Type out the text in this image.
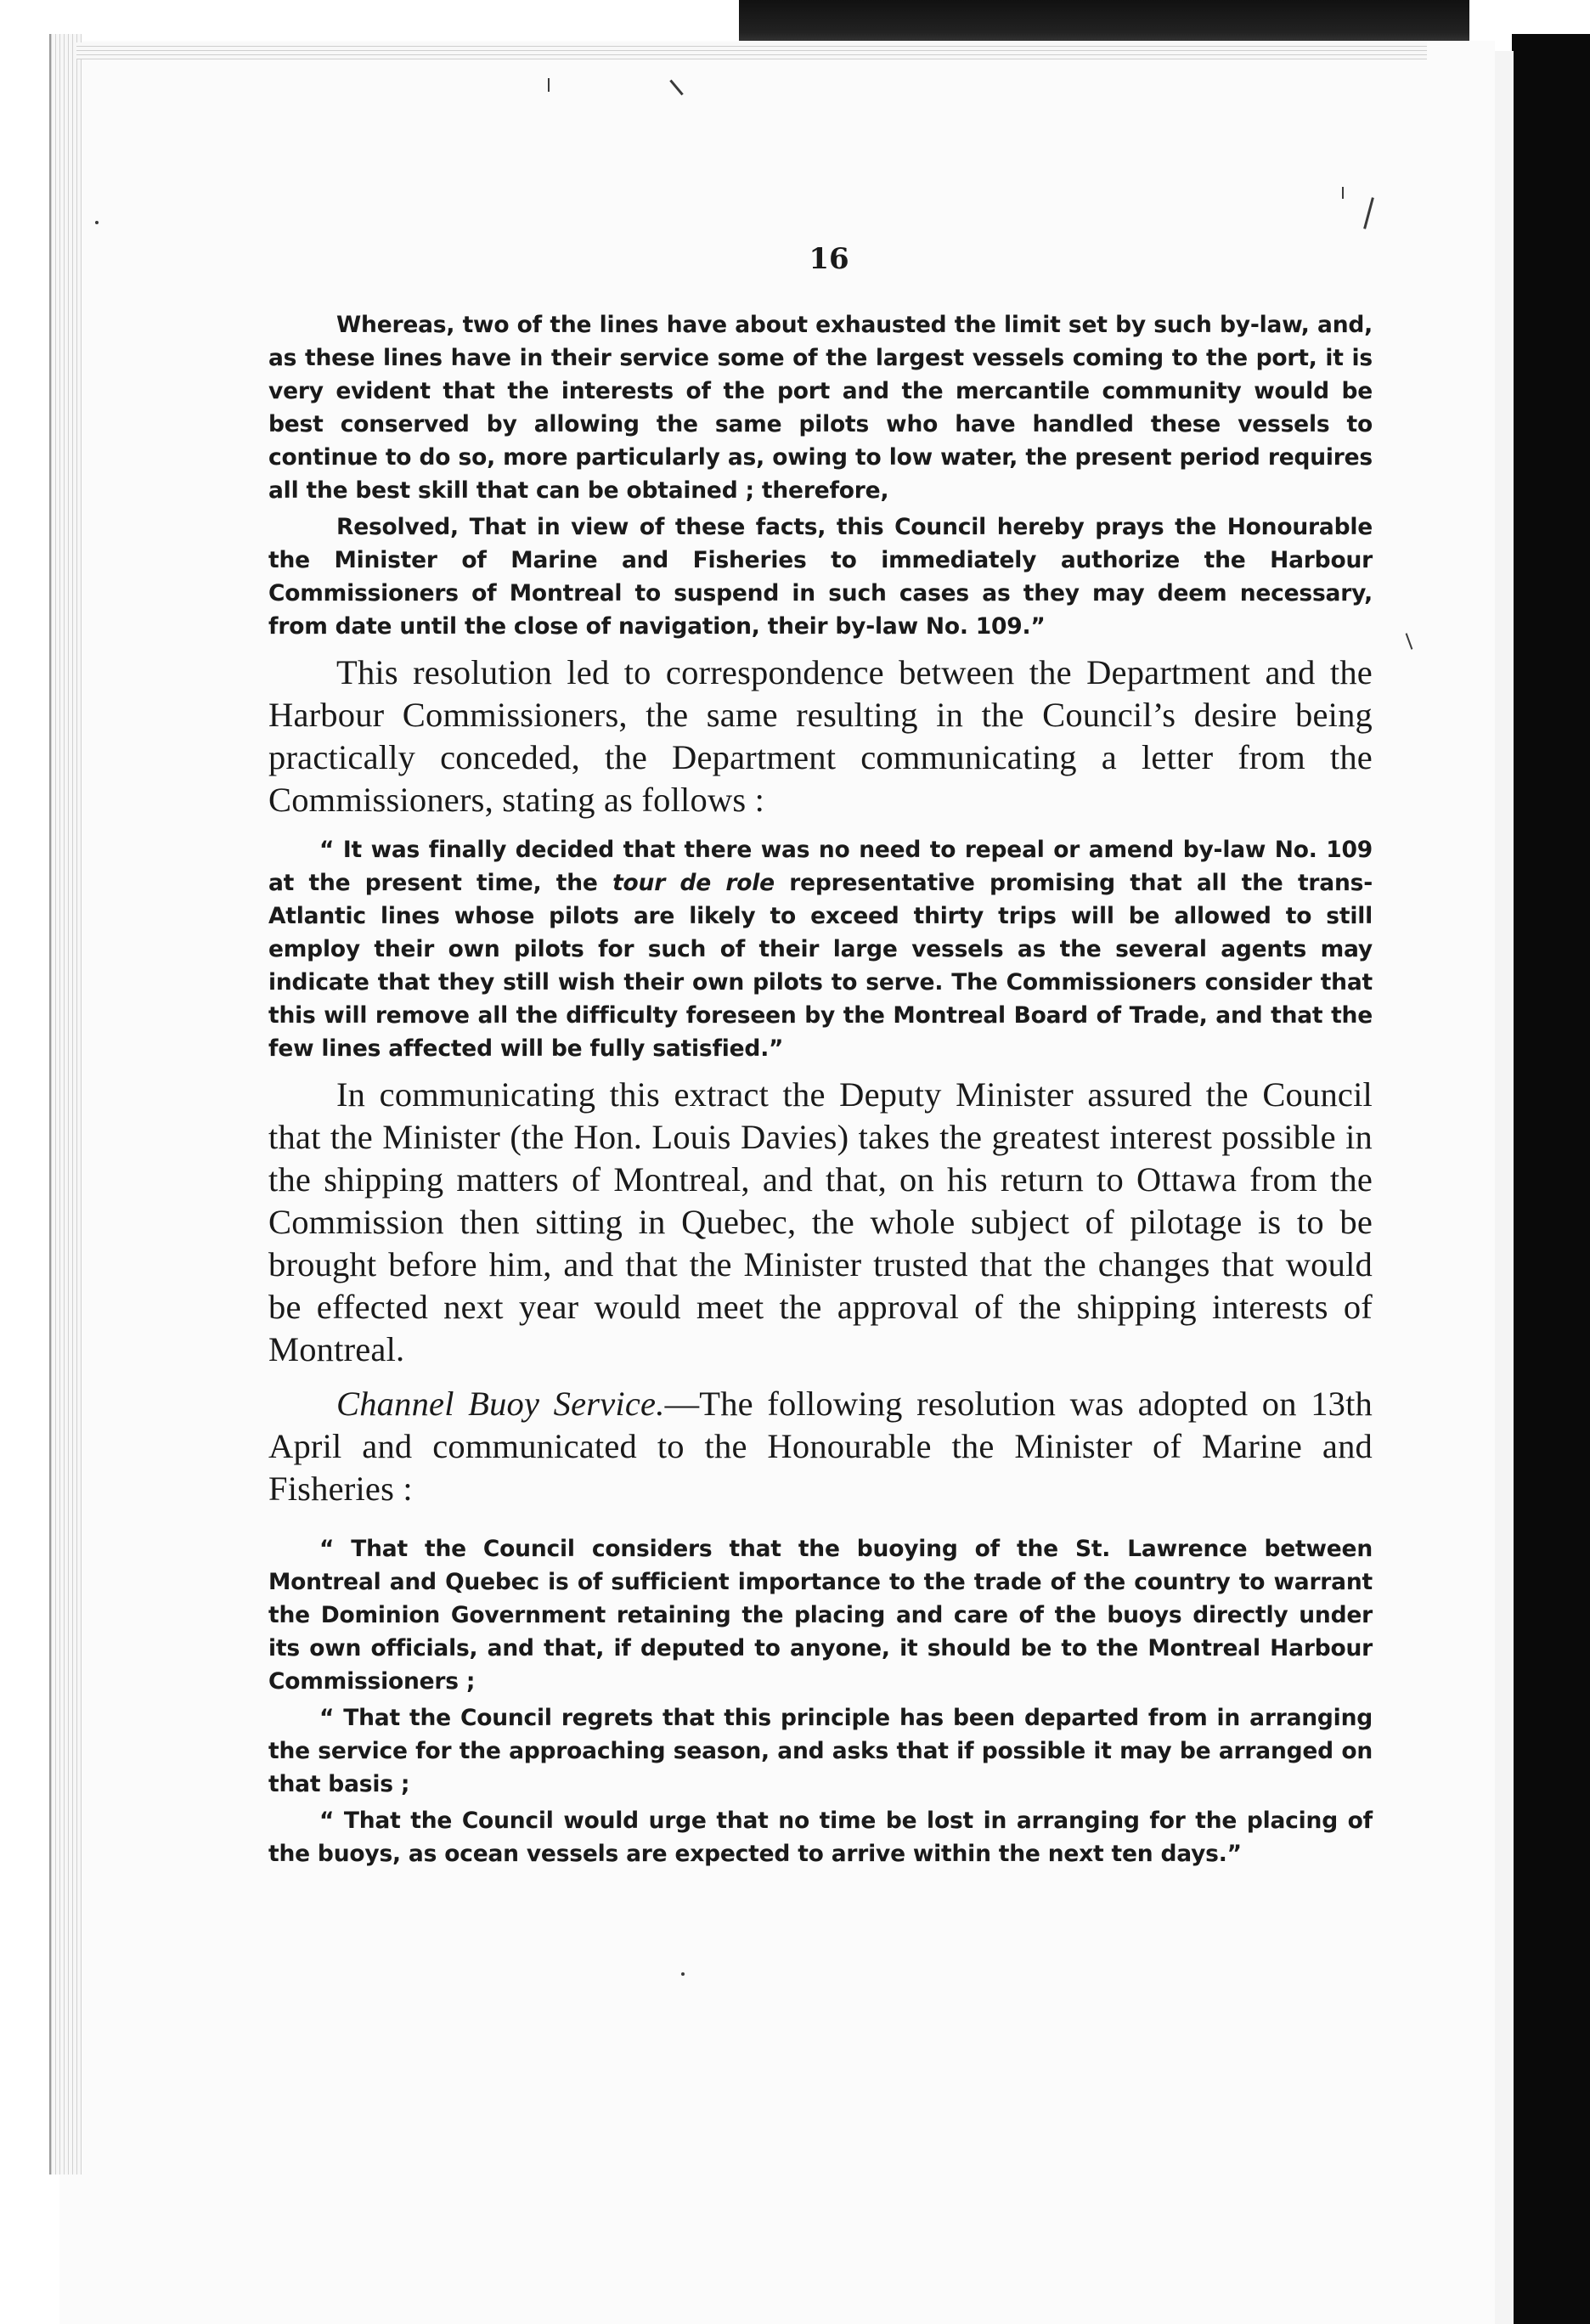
16

Whereas, two of the lines have about exhausted the limit set by such by-law, and, as these lines have in their service some of the largest vessels coming to the port, it is very evident that the interests of the port and the mercantile community would be best conserved by allowing the same pilots who have handled these vessels to continue to do so, more particularly as, owing to low water, the present period requires all the best skill that can be obtained ; therefore,

Resolved, That in view of these facts, this Council hereby prays the Honourable the Minister of Marine and Fisheries to immediately authorize the Harbour Commissioners of Montreal to suspend in such cases as they may deem necessary, from date until the close of navigation, their by-law No. 109.”

This resolution led to correspondence between the Department and the Harbour Commissioners, the same resulting in the Council’s desire being practically conceded, the Department communicating a letter from the Commissioners, stating as follows :

“ It was finally decided that there was no need to repeal or amend by-law No. 109 at the present time, the tour de role representative promising that all the trans-Atlantic lines whose pilots are likely to exceed thirty trips will be allowed to still employ their own pilots for such of their large vessels as the several agents may indicate that they still wish their own pilots to serve. The Commissioners consider that this will remove all the difficulty foreseen by the Montreal Board of Trade, and that the few lines affected will be fully satisfied.”

In communicating this extract the Deputy Minister assured the Council that the Minister (the Hon. Louis Davies) takes the greatest interest possible in the shipping matters of Montreal, and that, on his return to Ottawa from the Commission then sitting in Quebec, the whole subject of pilotage is to be brought before him, and that the Minister trusted that the changes that would be effected next year would meet the approval of the shipping interests of Montreal.

Channel Buoy Service.—The following resolution was adopted on 13th April and communicated to the Honourable the Minister of Marine and Fisheries :

“ That the Council considers that the buoying of the St. Lawrence between Montreal and Quebec is of sufficient importance to the trade of the country to warrant the Dominion Government retaining the placing and care of the buoys directly under its own officials, and that, if deputed to anyone, it should be to the Montreal Harbour Commissioners ;

“ That the Council regrets that this principle has been departed from in arranging the service for the approaching season, and asks that if possible it may be arranged on that basis ;

“ That the Council would urge that no time be lost in arranging for the placing of the buoys, as ocean vessels are expected to arrive within the next ten days.”
